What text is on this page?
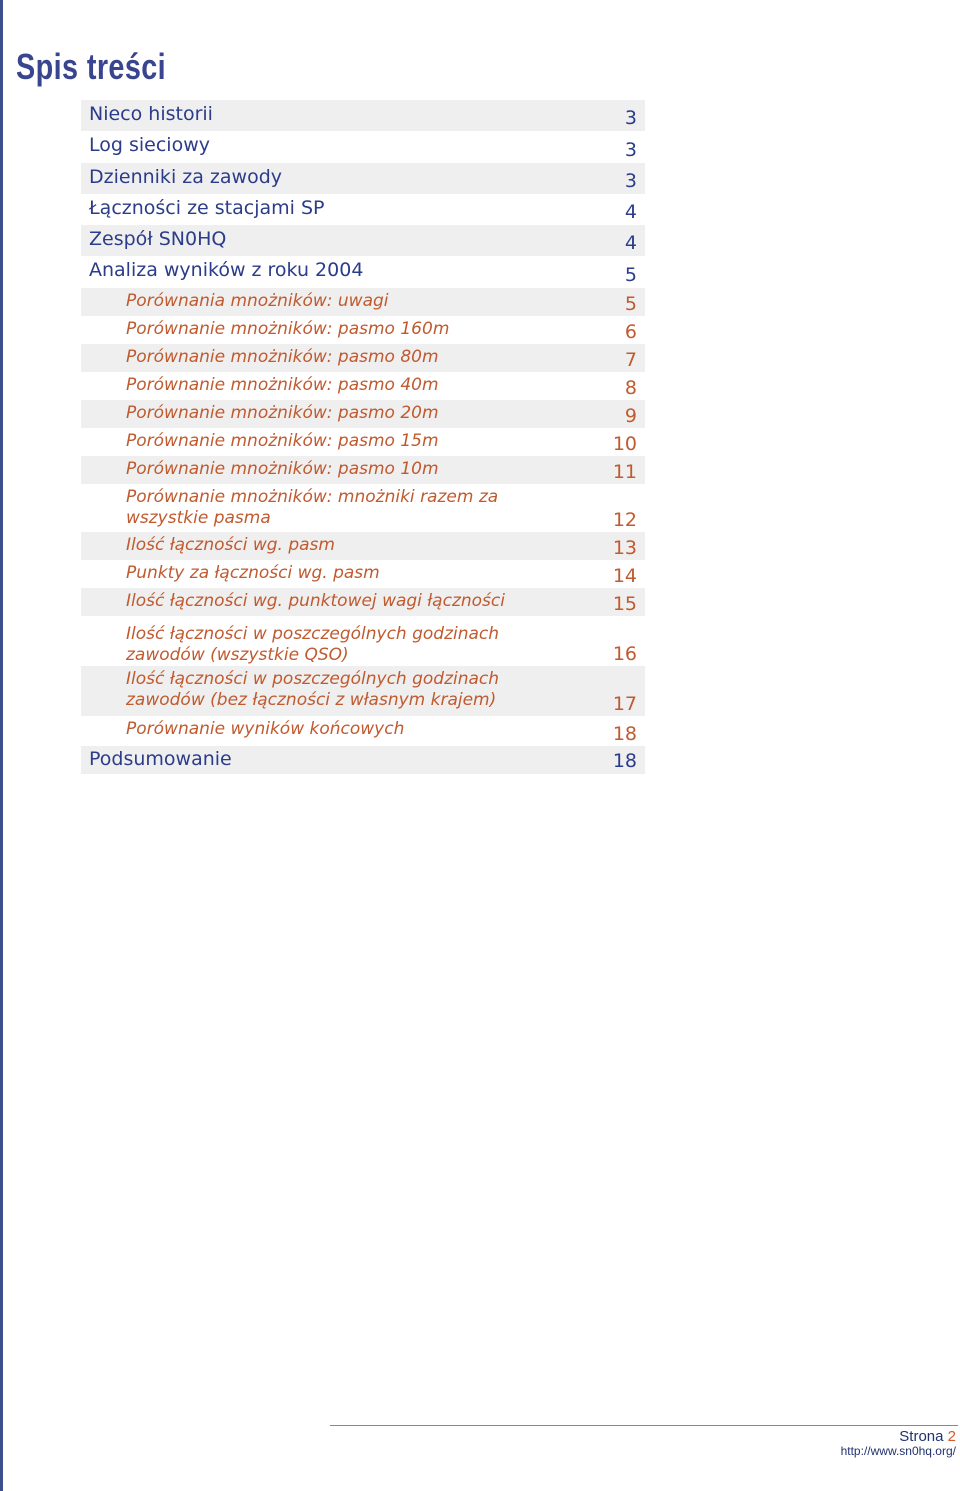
Spis treści
Nieco historii	3
Log sieciowy	3
Dzienniki za zawody	3
Łączności ze stacjami SP	4
Zespół SN0HQ	4
Analiza wyników z roku 2004	5
Porównania mnożników: uwagi	5
Porównanie mnożników: pasmo 160m	6
Porównanie mnożników: pasmo 80m	7
Porównanie mnożników: pasmo 40m	8
Porównanie mnożników: pasmo 20m	9
Porównanie mnożników: pasmo 15m	10
Porównanie mnożników: pasmo 10m	11
Porównanie mnożników: mnożniki razem za wszystkie pasma	12
Ilość łączności wg. pasm	13
Punkty za łączności wg. pasm	14
Ilość łączności wg. punktowej wagi łączności	15
Ilość łączności w poszczególnych godzinach zawodów (wszystkie QSO)	16
Ilość łączności w poszczególnych godzinach zawodów (bez łączności z własnym krajem)	17
Porównanie wyników końcowych	18
Podsumowanie	18
Strona 2
http://www.sn0hq.org/
